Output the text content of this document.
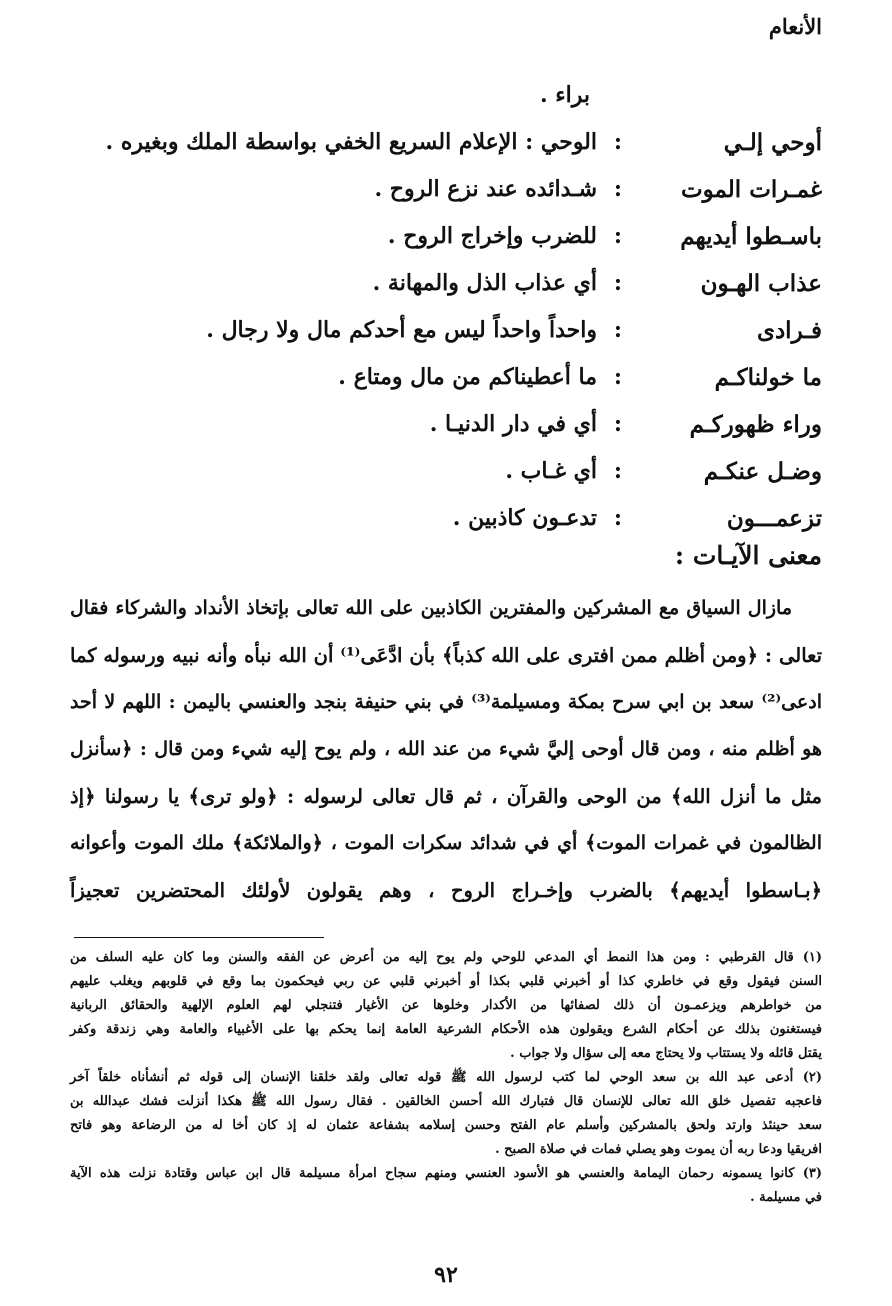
الأنعام
براء .
أوحي إلـي
:
الوحي : الإعلام السريع الخفي بواسطة الملك وبغيره .
غمـرات الموت
:
شـدائده عند نزع الروح .
باسـطوا أيديهم
:
للضرب وإخراج الروح .
عذاب الهـون
:
أي عذاب الذل والمهانة .
فـرادى
:
واحداً واحداً ليس مع أحدكم مال ولا رجال .
ما خولناكـم
:
ما أعطيناكم من مال ومتاع .
وراء ظهوركـم
:
أي في دار الدنيـا .
وضـل عنكـم
:
أي غـاب .
تزعمـــون
:
تدعـون كاذبين .
معنى الآيـات :
مازال السياق مع المشركين والمفترين الكاذبين على الله تعالى بإتخاذ الأنداد والشركاء فقال
تعالى : ﴿ومن أظلم ممن افترى على الله كذباً﴾ بأن ادَّعَى⁽¹⁾ أن الله نبأه وأنه نبيه ورسوله كما
ادعى⁽²⁾ سعد بن ابي سرح بمكة ومسيلمة⁽³⁾ في بني حنيفة بنجد والعنسي باليمن : اللهم لا أحد
هو أظلم منه ، ومن قال أوحى إليَّ شيء من عند الله ، ولم يوح إليه شيء ومن قال : ﴿سأنزل
مثل ما أنزل الله﴾ من الوحى والقرآن ، ثم قال تعالى لرسوله : ﴿ولو ترى﴾ يا رسولنا ﴿إذ
الظالمون في غمرات الموت﴾ أي في شدائد سكرات الموت ، ﴿والملائكة﴾ ملك الموت وأعوانه
﴿بـاسطوا أيديهم﴾ بالضرب وإخـراج الروح ، وهم يقولون لأولئك المحتضرين تعجيزاً
(١) قال القرطبي : ومن هذا النمط أي المدعي للوحي ولم يوح إليه من أعرض عن الفقه والسنن وما كان عليه السلف من
السنن فيقول وقع في خاطري كذا أو أخبرني قلبي بكذا أو أخبرني قلبي عن ربي فيحكمون بما وقع في قلوبهم ويغلب عليهم
من خواطرهم ويزعمـون أن ذلك لصفائها من الأكدار وخلوها عن الأغيار فتنجلي لهم العلوم الإلهية والحقائق الربانية
فيستغنون بذلك عن أحكام الشرع ويقولون هذه الأحكام الشرعية العامة إنما يحكم بها على الأغبياء والعامة وهي زندقة وكفر
يقتل قائله ولا يستتاب ولا يحتاج معه إلى سؤال ولا جواب .
(٢) أدعى عبد الله بن سعد الوحي لما كتب لرسول الله ﷺ قوله تعالى ولقد خلقنا الإنسان إلى قوله ثم أنشأناه خلقاً آخر
فاعجبه تفصيل خلق الله تعالى للإنسان قال فتبارك الله أحسن الخالقين . فقال رسول الله ﷺ هكذا أنزلت فشك عبدالله بن
سعد حينئذ وارتد ولحق بالمشركين وأسلم عام الفتح وحسن إسلامه بشفاعة عثمان له إذ كان أخا له من الرضاعة وهو فاتح
افريقيا ودعا ربه أن يموت وهو يصلي فمات في صلاة الصبح .
(٣) كانوا يسمونه رحمان اليمامة والعنسي هو الأسود العنسي ومنهم سجاح امرأة مسيلمة قال ابن عباس وقتادة نزلت هذه الآية
في مسيلمة .
٩٢
